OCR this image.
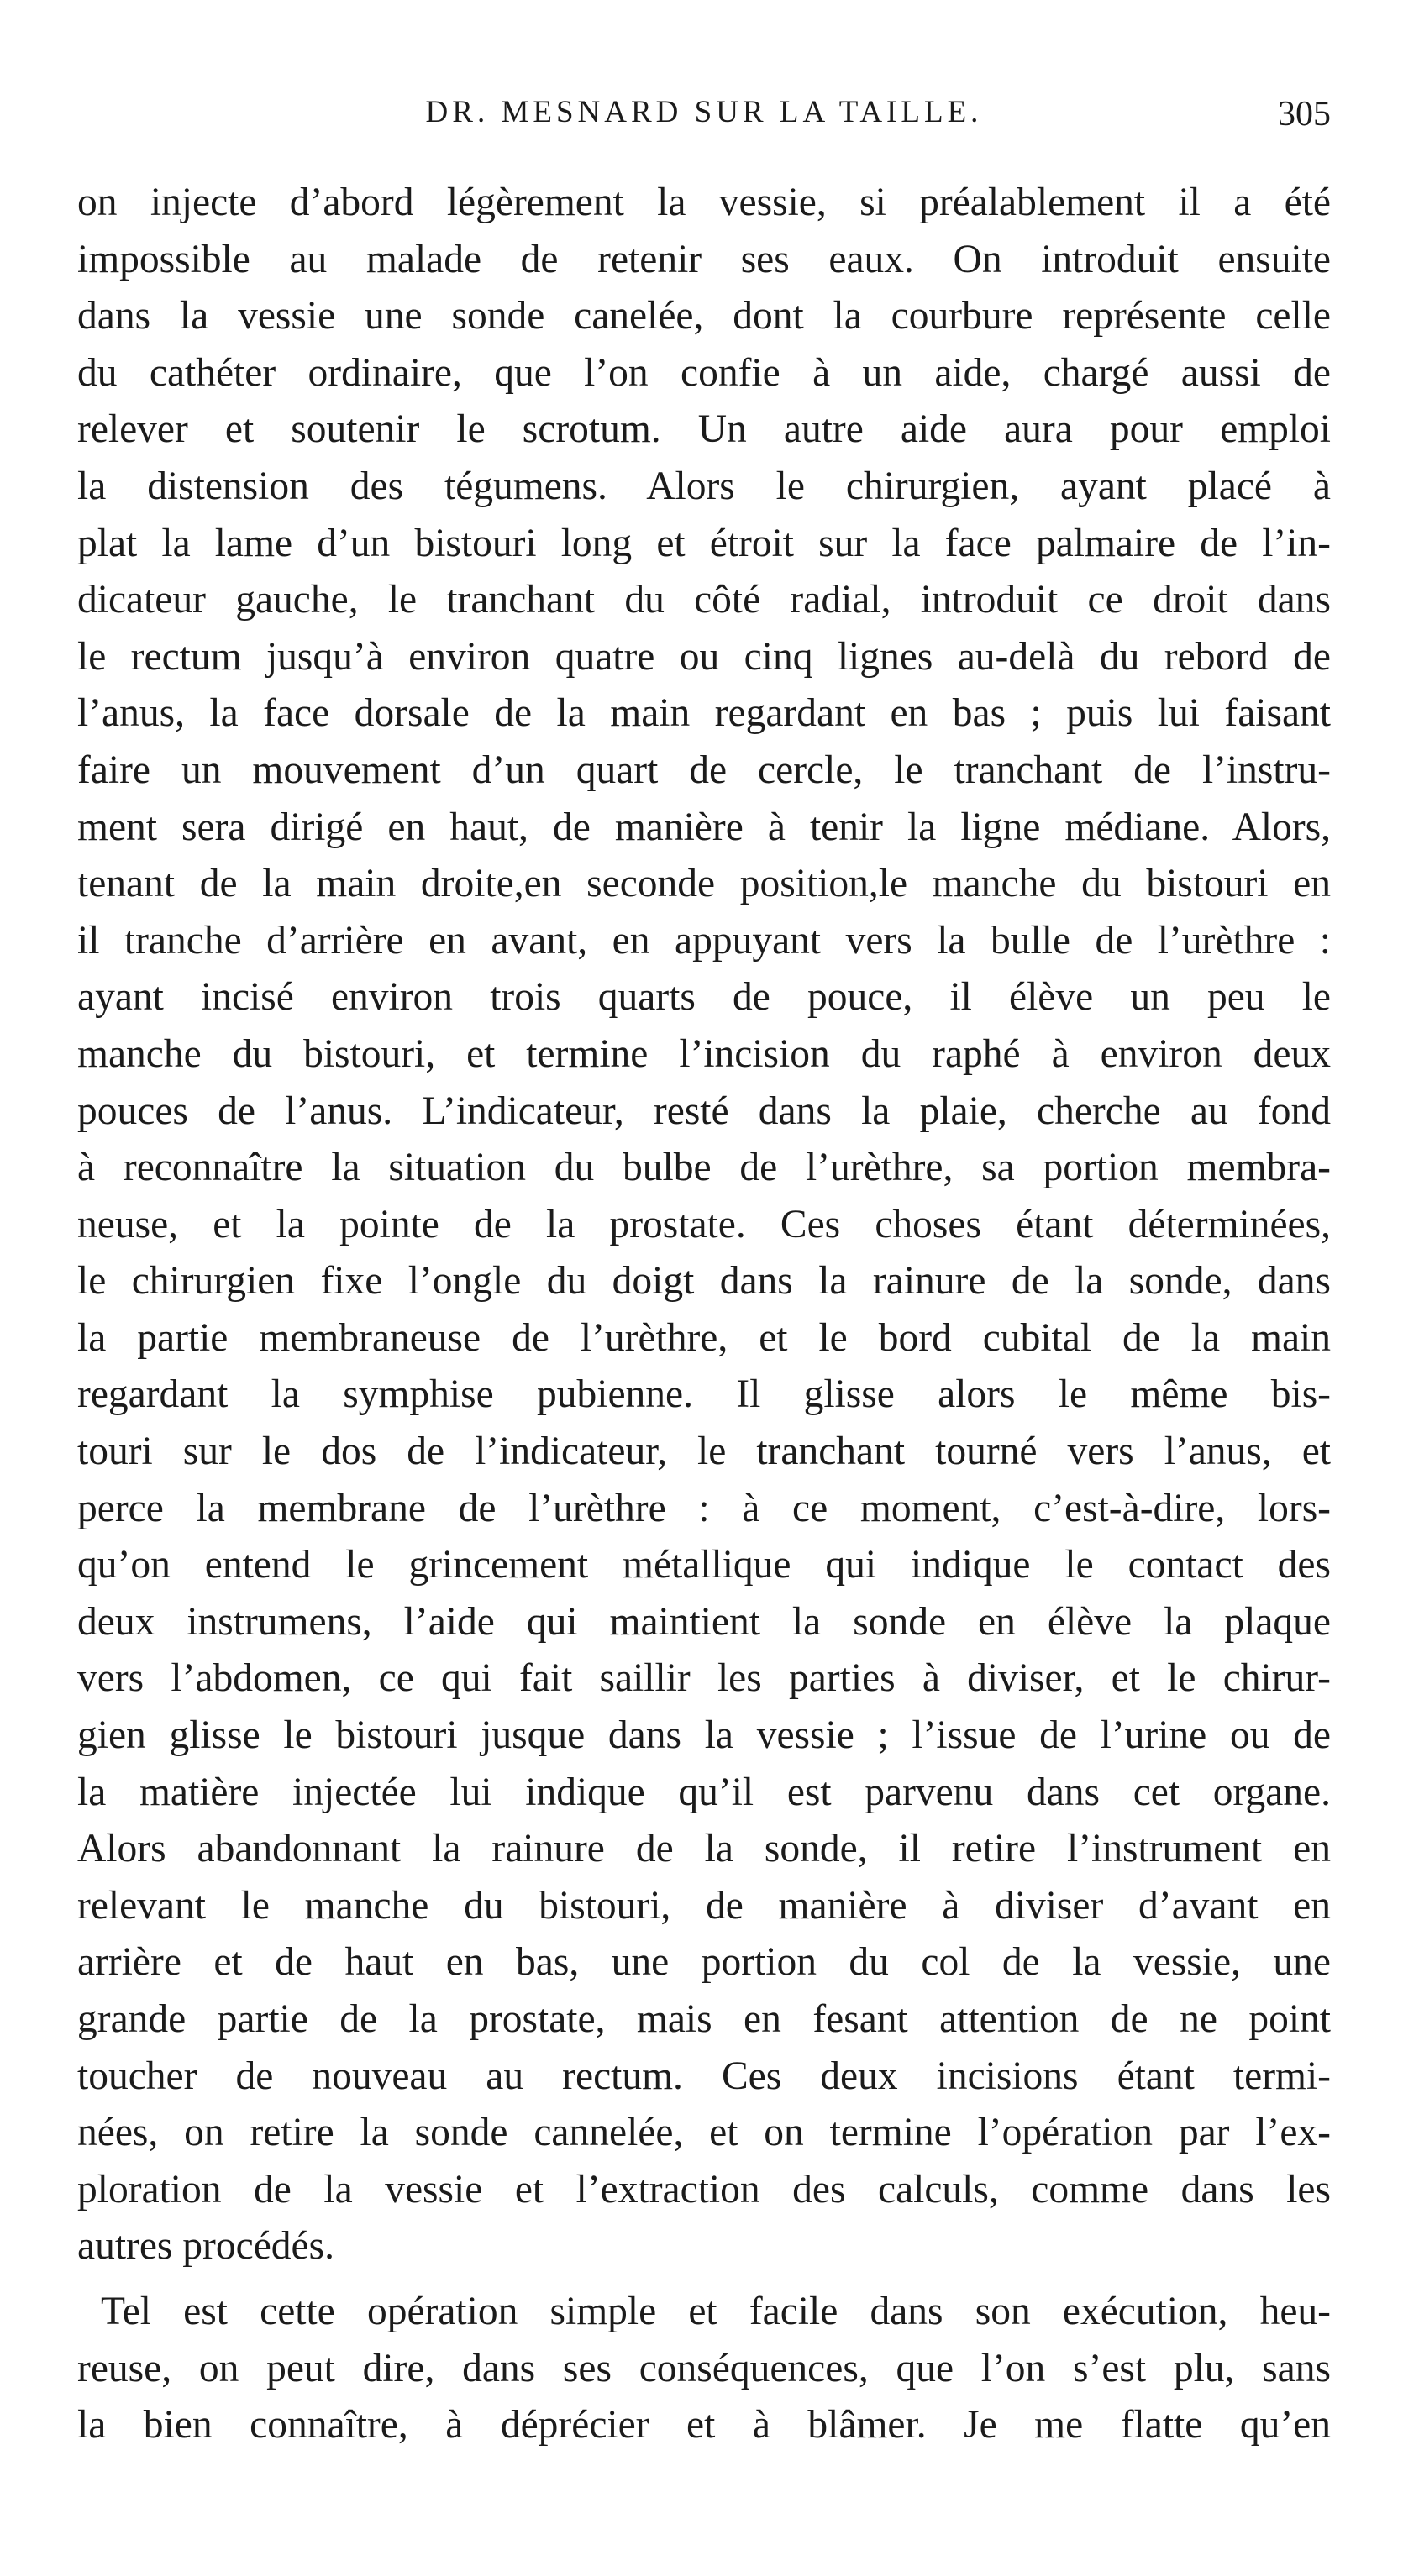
DR. MESNARD SUR LA TAILLE.	305
on injecte d’abord légèrement la vessie, si préalablement il a été
impossible au malade de retenir ses eaux. On introduit ensuite
dans la vessie une sonde canelée, dont la courbure représente celle
du cathéter ordinaire, que l’on confie à un aide, chargé aussi de
relever et soutenir le scrotum. Un autre aide aura pour emploi
la distension des tégumens. Alors le chirurgien, ayant placé à
plat la lame d’un bistouri long et étroit sur la face palmaire de l’in-
dicateur gauche, le tranchant du côté radial, introduit ce droit dans
le rectum jusqu’à environ quatre ou cinq lignes au-delà du rebord de
l’anus, la face dorsale de la main regardant en bas ; puis lui faisant
faire un mouvement d’un quart de cercle, le tranchant de l’instru-
ment sera dirigé en haut, de manière à tenir la ligne médiane. Alors,
tenant de la main droite,en seconde position,le manche du bistouri en
il tranche d’arrière en avant, en appuyant vers la bulle de l’urèthre :
ayant incisé environ trois quarts de pouce, il élève un peu le
manche du bistouri, et termine l’incision du raphé à environ deux
pouces de l’anus. L’indicateur, resté dans la plaie, cherche au fond
à reconnaître la situation du bulbe de l’urèthre, sa portion membra-
neuse, et la pointe de la prostate. Ces choses étant déterminées,
le chirurgien fixe l’ongle du doigt dans la rainure de la sonde, dans
la partie membraneuse de l’urèthre, et le bord cubital de la main
regardant la symphise pubienne. Il glisse alors le même bis-
touri sur le dos de l’indicateur, le tranchant tourné vers l’anus, et
perce la membrane de l’urèthre : à ce moment, c’est-à-dire, lors-
qu’on entend le grincement métallique qui indique le contact des
deux instrumens, l’aide qui maintient la sonde en élève la plaque
vers l’abdomen, ce qui fait saillir les parties à diviser, et le chirur-
gien glisse le bistouri jusque dans la vessie ; l’issue de l’urine ou de
la matière injectée lui indique qu’il est parvenu dans cet organe.
Alors abandonnant la rainure de la sonde, il retire l’instrument en
relevant le manche du bistouri, de manière à diviser d’avant en
arrière et de haut en bas, une portion du col de la vessie, une
grande partie de la prostate, mais en fesant attention de ne point
toucher de nouveau au rectum. Ces deux incisions étant termi-
nées, on retire la sonde cannelée, et on termine l’opération par l’ex-
ploration de la vessie et l’extraction des calculs, comme dans les
autres procédés.
Tel est cette opération simple et facile dans son exécution, heu-
reuse, on peut dire, dans ses conséquences, que l’on s’est plu, sans
la bien connaître, à déprécier et à blâmer. Je me flatte qu’en
